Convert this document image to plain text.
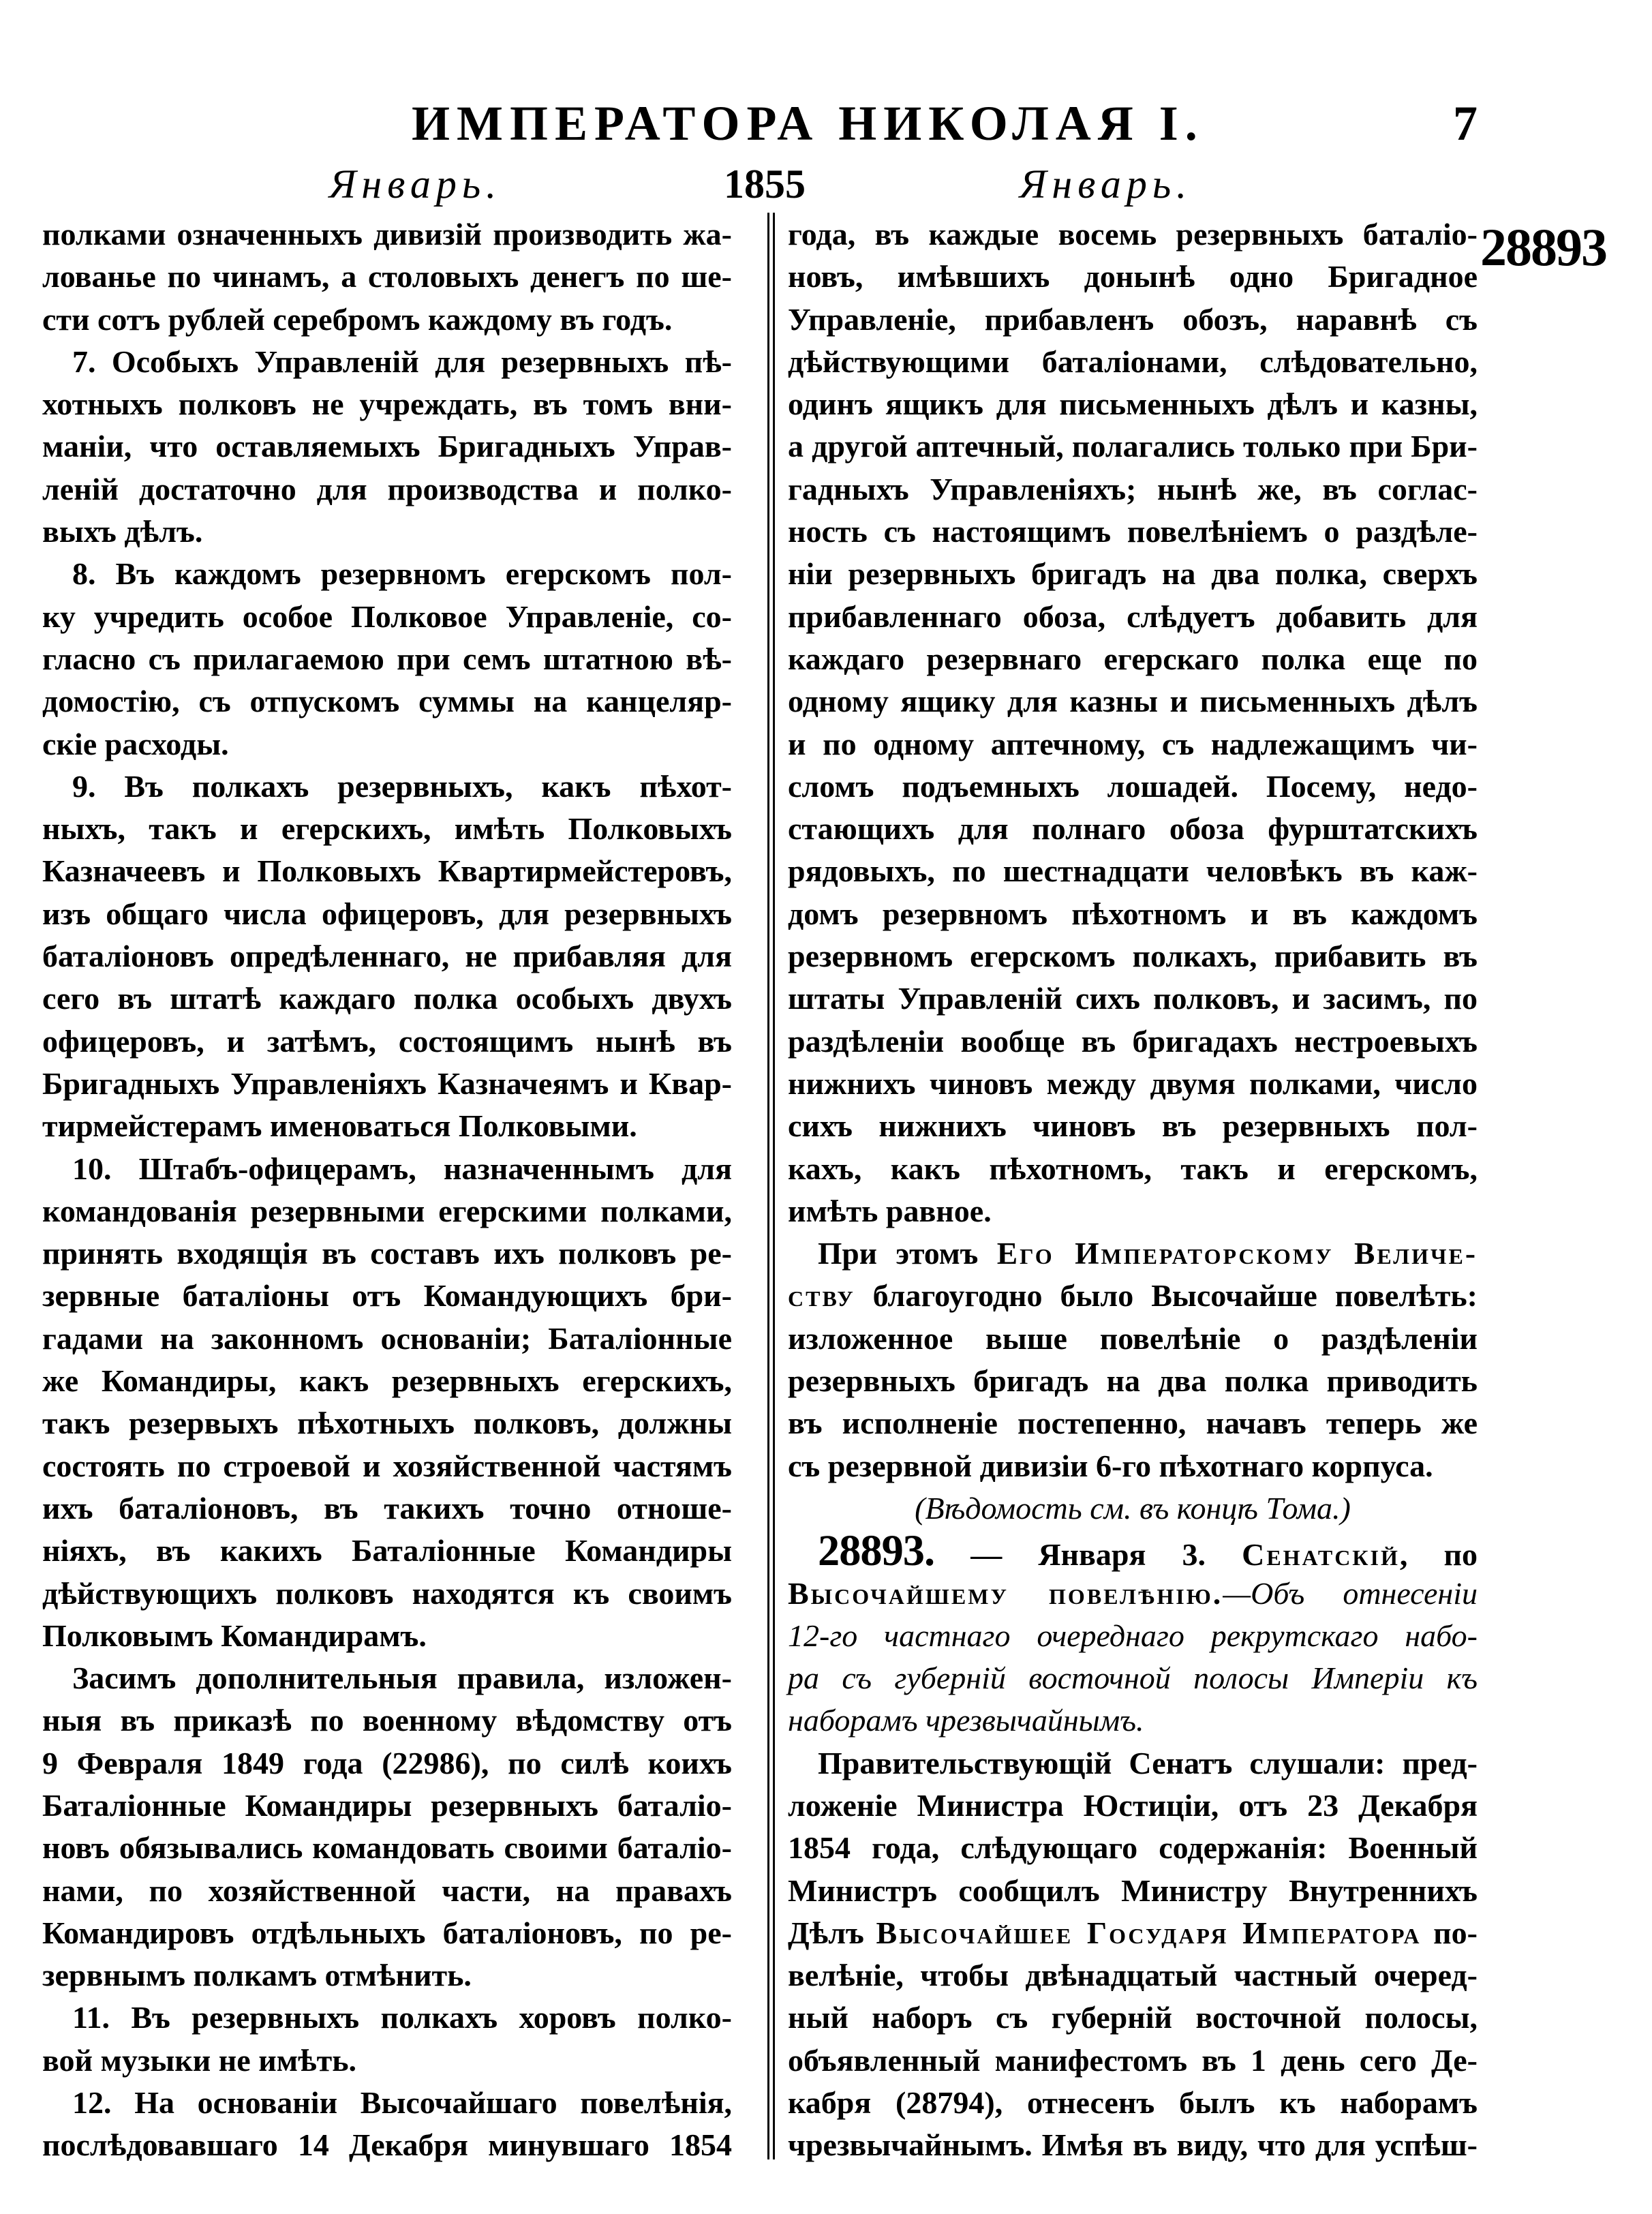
ИМПЕРАТОРА НИКОЛАЯ I.	7
Январь.	1855	Январь.
28893
полками означенныхъ дивизій производить жа-
лованье по чинамъ, а столовыхъ денегъ по ше-
сти сотъ рублей серебромъ каждому въ годъ.
7. Особыхъ Управленій для резервныхъ пѣ-
хотныхъ полковъ не учреждать, въ томъ вни-
маніи, что оставляемыхъ Бригадныхъ Управ-
леній достаточно для производства и полко-
выхъ дѣлъ.
8. Въ каждомъ резервномъ егерскомъ пол-
ку учредить особое Полковое Управленіе, со-
гласно съ прилагаемою при семъ штатною вѣ-
домостію, съ отпускомъ суммы на канцеляр-
скіе расходы.
9. Въ полкахъ резервныхъ, какъ пѣхот-
ныхъ, такъ и егерскихъ, имѣть Полковыхъ
Казначеевъ и Полковыхъ Квартирмейстеровъ,
изъ общаго числа офицеровъ, для резервныхъ
баталіоновъ опредѣленнаго, не прибавляя для
сего въ штатѣ каждаго полка особыхъ двухъ
офицеровъ, и затѣмъ, состоящимъ нынѣ въ
Бригадныхъ Управленіяхъ Казначеямъ и Квар-
тирмейстерамъ именоваться Полковыми.
10. Штабъ-офицерамъ, назначеннымъ для
командованія резервными егерскими полками,
принять входящія въ составъ ихъ полковъ ре-
зервные баталіоны отъ Командующихъ бри-
гадами на законномъ основаніи; Баталіонные
же Командиры, какъ резервныхъ егерскихъ,
такъ резервыхъ пѣхотныхъ полковъ, должны
состоять по строевой и хозяйственной частямъ
ихъ баталіоновъ, въ такихъ точно отноше-
ніяхъ, въ какихъ Баталіонные Командиры
дѣйствующихъ полковъ находятся къ своимъ
Полковымъ Командирамъ.
Засимъ дополнительныя правила, изложен-
ныя въ приказѣ по военному вѣдомству отъ
9 Февраля 1849 года (22986), по силѣ коихъ
Баталіонные Командиры резервныхъ баталіо-
новъ обязывались командовать своими баталіо-
нами, по хозяйственной части, на правахъ
Командировъ отдѣльныхъ баталіоновъ, по ре-
зервнымъ полкамъ отмѣнить.
11. Въ резервныхъ полкахъ хоровъ полко-
вой музыки не имѣть.
12. На основаніи Высочайшаго повелѣнія,
послѣдовавшаго 14 Декабря минувшаго 1854
года, въ каждые восемь резервныхъ баталіо-
новъ, имѣвшихъ донынѣ одно Бригадное
Управленіе, прибавленъ обозъ, наравнѣ съ
дѣйствующими баталіонами, слѣдовательно,
одинъ ящикъ для письменныхъ дѣлъ и казны,
а другой аптечный, полагались только при Бри-
гадныхъ Управленіяхъ; нынѣ же, въ соглас-
ность съ настоящимъ повелѣніемъ о раздѣле-
ніи резервныхъ бригадъ на два полка, сверхъ
прибавленнаго обоза, слѣдуетъ добавить для
каждаго резервнаго егерскаго полка еще по
одному ящику для казны и письменныхъ дѣлъ
и по одному аптечному, съ надлежащимъ чи-
сломъ подъемныхъ лошадей. Посему, недо-
стающихъ для полнаго обоза фурштатскихъ
рядовыхъ, по шестнадцати человѣкъ въ каж-
домъ резервномъ пѣхотномъ и въ каждомъ
резервномъ егерскомъ полкахъ, прибавить въ
штаты Управленій сихъ полковъ, и засимъ, по
раздѣленіи вообще въ бригадахъ нестроевыхъ
нижнихъ чиновъ между двумя полками, число
сихъ нижнихъ чиновъ въ резервныхъ пол-
кахъ, какъ пѣхотномъ, такъ и егерскомъ,
имѣть равное.
При этомъ Его Императорскому Величе-
ству благоугодно было Высочайше повелѣть:
изложенное выше повелѣніе о раздѣленіи
резервныхъ бригадъ на два полка приводить
въ исполненіе постепенно, начавъ теперь же
съ резервной дивизіи 6-го пѣхотнаго корпуса.
(Вѣдомость см. въ концѣ Тома.)
28893. — Января 3. Сенатскій, по
Высочайшему повелѣнію.—Объ отнесеніи
12-го частнаго очереднаго рекрутскаго набо-
ра съ губерній восточной полосы Имперіи къ
наборамъ чрезвычайнымъ.
Правительствующій Сенатъ слушали: пред-
ложеніе Министра Юстиціи, отъ 23 Декабря
1854 года, слѣдующаго содержанія: Военный
Министръ сообщилъ Министру Внутреннихъ
Дѣлъ Высочайшее Государя Императора по-
велѣніе, чтобы двѣнадцатый частный очеред-
ный наборъ съ губерній восточной полосы,
объявленный манифестомъ въ 1 день сего Де-
кабря (28794), отнесенъ былъ къ наборамъ
чрезвычайнымъ. Имѣя въ виду, что для успѣш-
